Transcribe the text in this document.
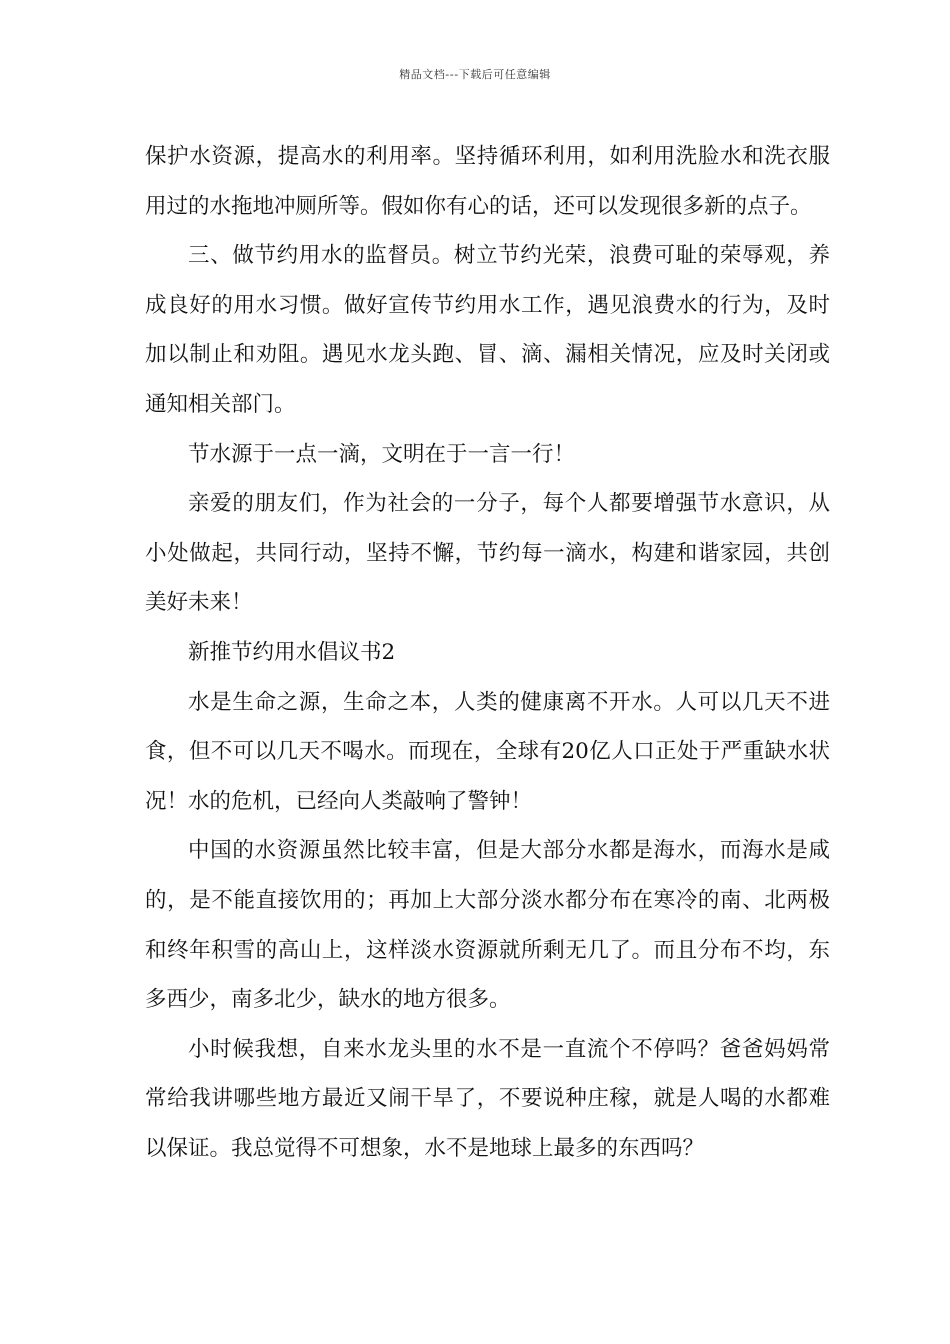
精品文档---下载后可任意编辑

保护水资源，提高水的利用率。坚持循环利用，如利用洗脸水和洗衣服用过的水拖地冲厕所等。假如你有心的话，还可以发现很多新的点子。

三、做节约用水的监督员。树立节约光荣，浪费可耻的荣辱观，养成良好的用水习惯。做好宣传节约用水工作，遇见浪费水的行为，及时加以制止和劝阻。遇见水龙头跑、冒、滴、漏相关情况，应及时关闭或通知相关部门。

节水源于一点一滴，文明在于一言一行！

亲爱的朋友们，作为社会的一分子，每个人都要增强节水意识，从小处做起，共同行动，坚持不懈，节约每一滴水，构建和谐家园，共创美好未来！

新推节约用水倡议书2

水是生命之源，生命之本，人类的健康离不开水。人可以几天不进食，但不可以几天不喝水。而现在，全球有20亿人口正处于严重缺水状况！水的危机，已经向人类敲响了警钟！

中国的水资源虽然比较丰富，但是大部分水都是海水，而海水是咸的，是不能直接饮用的；再加上大部分淡水都分布在寒冷的南、北两极和终年积雪的高山上，这样淡水资源就所剩无几了。而且分布不均，东多西少，南多北少，缺水的地方很多。

小时候我想，自来水龙头里的水不是一直流个不停吗？爸爸妈妈常常给我讲哪些地方最近又闹干旱了，不要说种庄稼，就是人喝的水都难以保证。我总觉得不可想象，水不是地球上最多的东西吗？
